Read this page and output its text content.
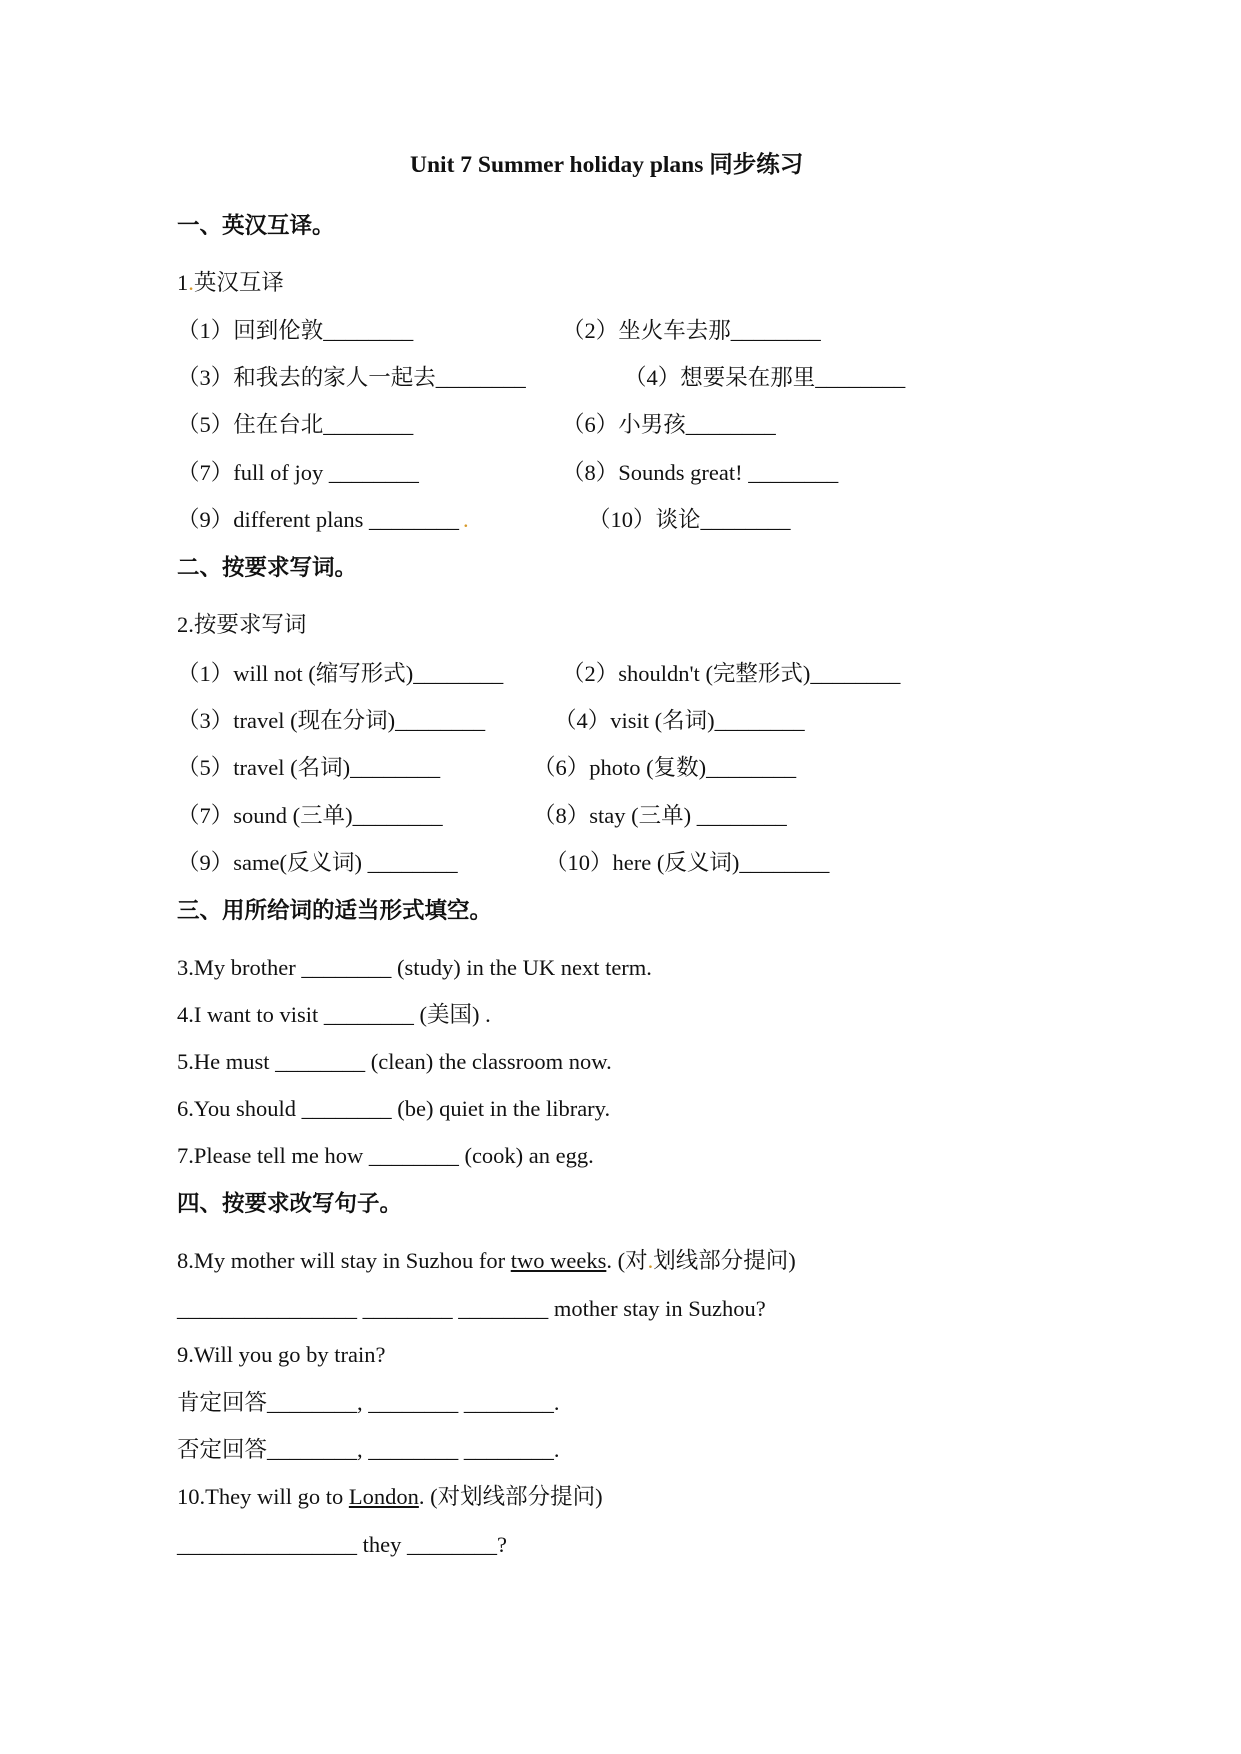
Unit 7 Summer holiday plans 同步练习
一、英汉互译。
1.英汉互译
（1）回到伦敦________	（2）坐火车去那________
（3）和我去的家人一起去________	（4）想要呆在那里________
（5）住在台北________	（6）小男孩________
（7）full of joy ________	（8）Sounds great! ________
（9）different plans ________ .	（10）谈论________
二、按要求写词。
2.按要求写词
（1）will not (缩写形式)________	（2）shouldn't (完整形式)________
（3）travel (现在分词)________	（4）visit (名词)________
（5）travel (名词)________	（6）photo (复数)________
（7）sound (三单)________	（8）stay (三单) ________
（9）same(反义词) ________	（10）here (反义词)________
三、用所给词的适当形式填空。
3.My brother ________ (study) in the UK next term.
4.I want to visit ________ (美国) .
5.He must ________ (clean) the classroom now.
6.You should ________ (be) quiet in the library.
7.Please tell me how ________ (cook) an egg.
四、按要求改写句子。
8.My mother will stay in Suzhou for two weeks. (对.划线部分提问)
________________ ________ ________ mother stay in Suzhou?
9.Will you go by train?
肯定回答________, ________ ________.
否定回答________, ________ ________.
10.They will go to London. (对划线部分提问)
________________ they ________?
